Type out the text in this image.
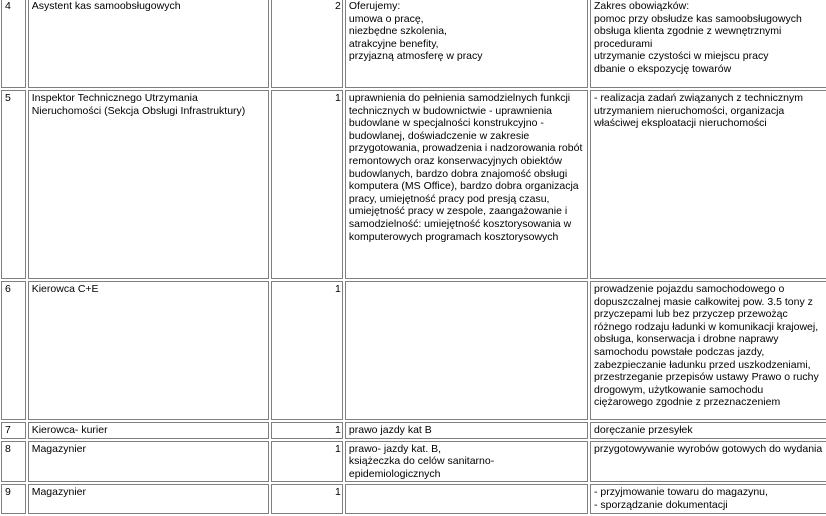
4	Asystent kas samoobsługowych	2	Oferujemy:
umowa o pracę,
niezbędne szkolenia,
atrakcyjne benefity,
przyjazną atmosferę w pracy	Zakres obowiązków:
pomoc przy obsłudze kas samoobsługowych
obsługa klienta zgodnie z wewnętrznymi procedurami
utrzymanie czystości w miejscu pracy
dbanie o ekspozycję towarów
5	Inspektor Technicznego Utrzymania Nieruchomości (Sekcja Obsługi Infrastruktury)	1	uprawnienia do pełnienia samodzielnych funkcji technicznych w budownictwie - uprawnienia budowlane w specjalności konstrukcyjno - budowlanej, doświadczenie w zakresie przygotowania, prowadzenia i nadzorowania robót remontowych oraz konserwacyjnych obiektów budowlanych, bardzo dobra znajomość obsługi komputera (MS Office), bardzo dobra organizacja pracy, umiejętność pracy pod presją czasu, umiejętność pracy w zespole, zaangażowanie i samodzielność: umiejętność kosztorysowania w komputerowych programach kosztorysowych	- realizacja zadań związanych z technicznym utrzymaniem nieruchomości, organizacja właściwej eksploatacji nieruchomości
6	Kierowca C+E	1		prowadzenie pojazdu samochodowego o dopuszczalnej masie całkowitej pow. 3.5 tony z przyczepami lub bez przyczep przewożąc różnego rodzaju ładunki w komunikacji krajowej, obsługa, konserwacja i drobne naprawy samochodu powstałe podczas jazdy, zabezpieczanie ładunku przed uszkodzeniami, przestrzeganie przepisów ustawy Prawo o ruchy drogowym, użytkowanie samochodu ciężarowego zgodnie z przeznaczeniem
7	Kierowca- kurier	1	prawo jazdy kat B	doręczanie przesyłek
8	Magazynier	1	prawo- jazdy kat. B,
książeczka do celów sanitarno-epidemiologicznych	przygotowywanie wyrobów gotowych do wydania
9	Magazynier	1		- przyjmowanie towaru do magazynu,
- sporządzanie dokumentacji
